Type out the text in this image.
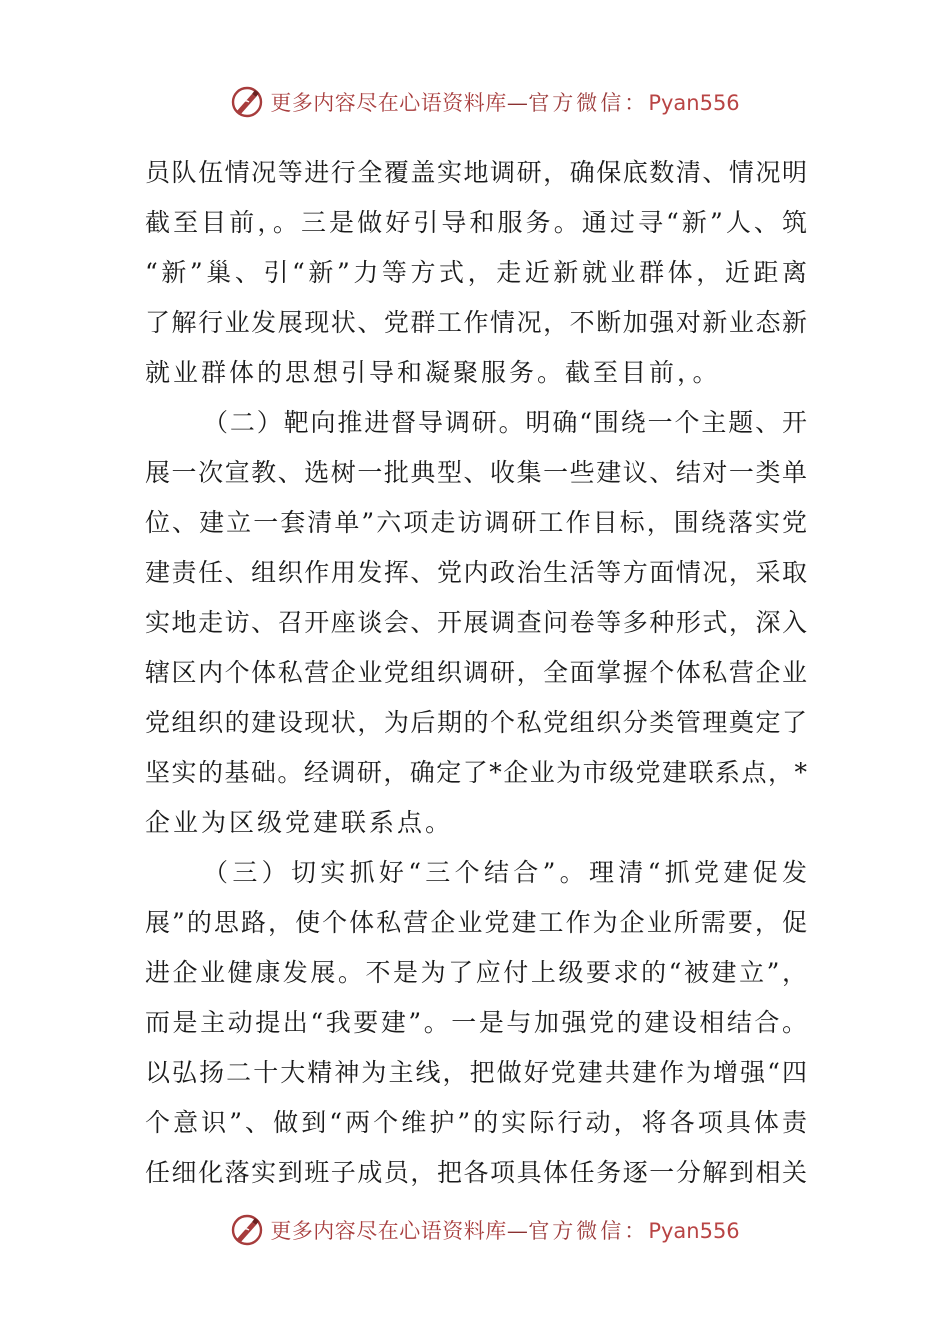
更多内容尽在心语资料库—官方微信：Pyan556
员队伍情况等进行全覆盖实地调研，确保底数清、情况明
截至目前，。三是做好引导和服务。通过寻“新”人、筑
“新”巢、引“新”力等方式，走近新就业群体，近距离
了解行业发展现状、党群工作情况，不断加强对新业态新
就业群体的思想引导和凝聚服务。截至目前，。
（二）靶向推进督导调研。明确“围绕一个主题、开
展一次宣教、选树一批典型、收集一些建议、结对一类单
位、建立一套清单”六项走访调研工作目标，围绕落实党
建责任、组织作用发挥、党内政治生活等方面情况，采取
实地走访、召开座谈会、开展调查问卷等多种形式，深入
辖区内个体私营企业党组织调研，全面掌握个体私营企业
党组织的建设现状，为后期的个私党组织分类管理奠定了
坚实的基础。经调研，确定了*企业为市级党建联系点，*
企业为区级党建联系点。
（三）切实抓好“三个结合”。理清“抓党建促发
展”的思路，使个体私营企业党建工作为企业所需要，促
进企业健康发展。不是为了应付上级要求的“被建立”，
而是主动提出“我要建”。一是与加强党的建设相结合。
以弘扬二十大精神为主线，把做好党建共建作为增强“四
个意识”、做到“两个维护”的实际行动，将各项具体责
任细化落实到班子成员，把各项具体任务逐一分解到相关
更多内容尽在心语资料库—官方微信：Pyan556
